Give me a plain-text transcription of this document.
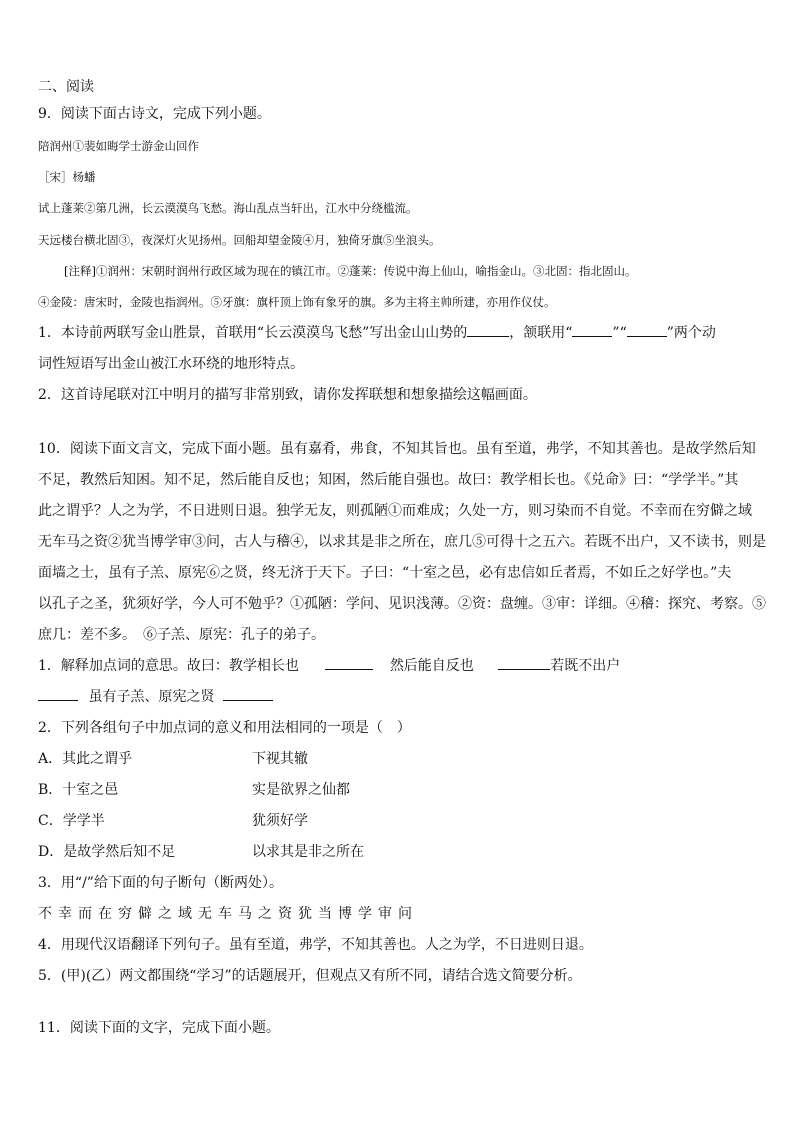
二、阅读
9．阅读下面古诗文，完成下列小题。
陪润州①裴如晦学士游金山回作
［宋］杨蟠
试上蓬莱②第几洲，长云漠漠鸟飞愁。海山乱点当轩出，江水中分绕槛流。
天远楼台横北固③，夜深灯火见扬州。回船却望金陵④月，独倚牙旗⑤坐浪头。
[注释]①润州：宋朝时润州行政区域为现在的镇江市。②蓬莱：传说中海上仙山，喻指金山。③北固：指北固山。
④金陵：唐宋时，金陵也指润州。⑤牙旗：旗杆顶上饰有象牙的旗。多为主将主帅所建，亦用作仪仗。
1．本诗前两联写金山胜景，首联用“长云漠漠鸟飞愁”写出金山山势的	，颔联用“	”“	”两个动
词性短语写出金山被江水环绕的地形特点。
2．这首诗尾联对江中明月的描写非常别致，请你发挥联想和想象描绘这幅画面。
10．阅读下面文言文，完成下面小题。虽有嘉肴，弗食，不知其旨也。虽有至道，弗学，不知其善也。是故学然后知
不足，教然后知困。知不足，然后能自反也；知困，然后能自强也。故曰：教学相长也。《兑命》曰：“学学半。”其
此之谓乎？人之为学，不日进则日退。独学无友，则孤陋①而难成；久处一方，则习染而不自觉。不幸而在穷僻之域
无车马之资②犹当博学审③问，古人与稽④，以求其是非之所在，庶几⑤可得十之五六。若既不出户，又不读书，则是
面墙之士，虽有子羔、原宪⑥之贤，终无济于天下。子曰：“十室之邑，必有忠信如丘者焉，不如丘之好学也。”夫
以孔子之圣，犹须好学，今人可不勉乎？①孤陋：学问、见识浅薄。②资：盘缠。③审：详细。④稽：探究、考察。⑤
庶几：差不多。　⑥子羔、原宪：孔子的弟子。
1．解释加点词的意思。故曰：教学相长也	然后能自反也	若既不出户
虽有子羔、原宪之贤
2．下列各组句子中加点词的意义和用法相同的一项是（　）
A．其此之谓乎	下视其辙
B．十室之邑	实是欲界之仙都
C．学学半	犹须好学
D．是故学然后知不足	以求其是非之所在
3．用“/”给下面的句子断句（断两处）。
不幸而在穷僻之域无车马之资犹当博学审问
4．用现代汉语翻译下列句子。虽有至道，弗学，不知其善也。人之为学，不日进则日退。
5．(甲)(乙）两文都围绕“学习”的话题展开，但观点又有所不同，请结合选文简要分析。
11．阅读下面的文字，完成下面小题。
